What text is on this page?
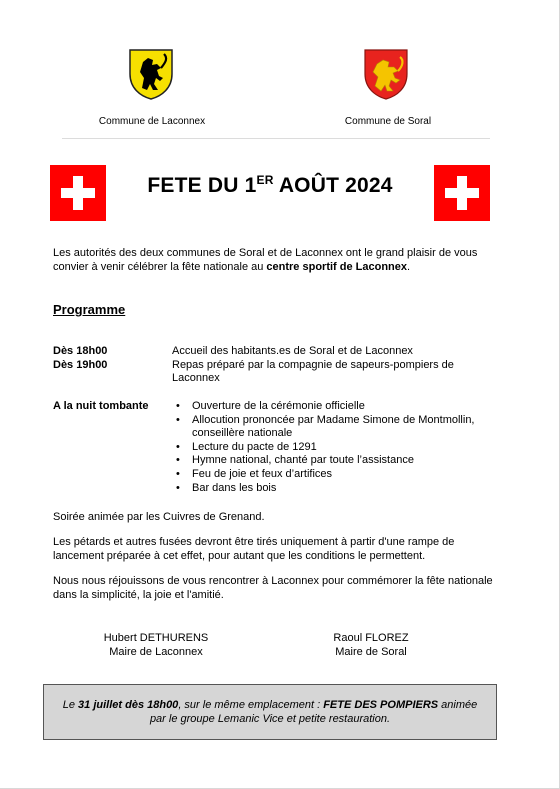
Commune de Laconnex	Commune de Soral
FETE DU 1ER AOÛT 2024

Les autorités des deux communes de Soral et de Laconnex ont le grand plaisir de vous convier à venir célébrer la fête nationale au centre sportif de Laconnex.

Programme
Dès 18h00	Accueil des habitants.es de Soral et de Laconnex
Dès 19h00	Repas préparé par la compagnie de sapeurs-pompiers de Laconnex
A la nuit tombante
•	Ouverture de la cérémonie officielle
• Allocution prononcée par Madame Simone de Montmollin, conseillère nationale
• Lecture du pacte de 1291
• Hymne national, chanté par toute l’assistance
• Feu de joie et feux d’artifices
• Bar dans les bois

Soirée animée par les Cuivres de Grenand.

Les pétards et autres fusées devront être tirés uniquement à partir d'une rampe de lancement préparée à cet effet, pour autant que les conditions le permettent.

Nous nous réjouissons de vous rencontrer à Laconnex pour commémorer la fête nationale dans la simplicité, la joie et l'amitié.

Hubert DETHURENS
Maire de Laconnex
Raoul FLOREZ
Maire de Soral
Le 31 juillet dès 18h00, sur le même emplacement : FETE DES POMPIERS animée
par le groupe Lemanic Vice et petite restauration.
